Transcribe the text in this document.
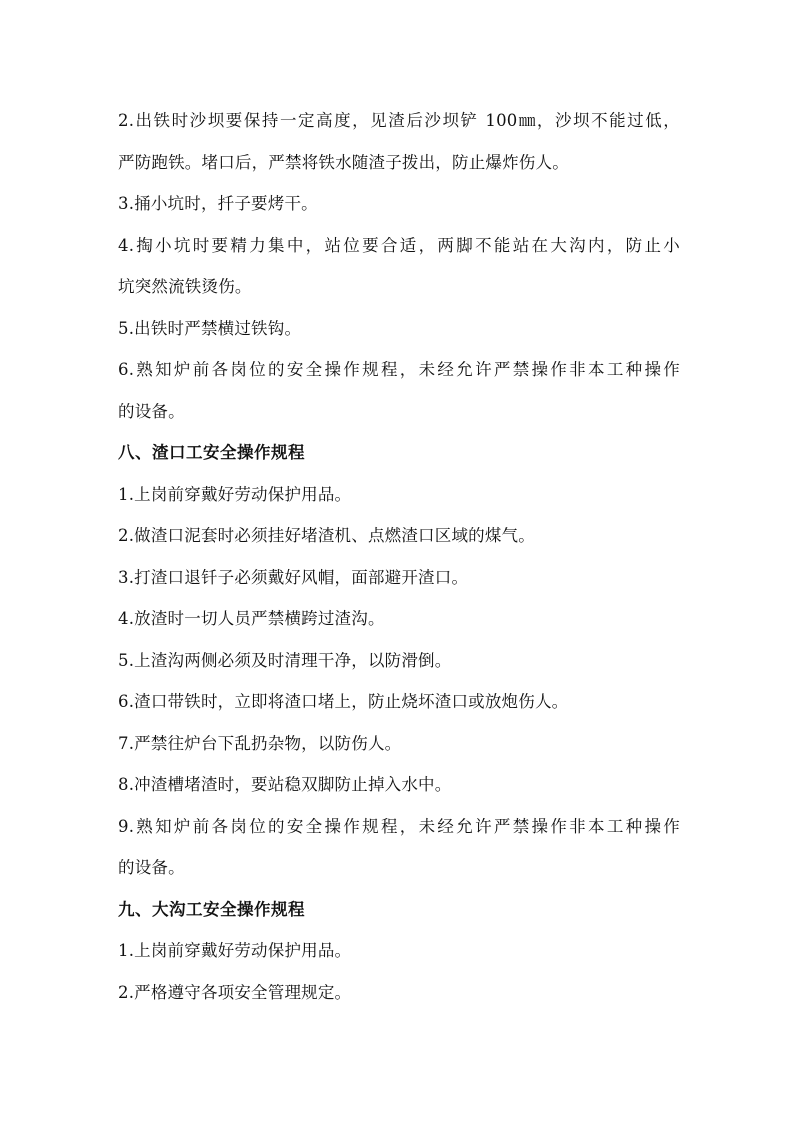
2.出铁时沙坝要保持一定高度，见渣后沙坝铲 100㎜，沙坝不能过低，
严防跑铁。堵口后，严禁将铁水随渣子拨出，防止爆炸伤人。
3.捅小坑时，扦子要烤干。
4.掏小坑时要精力集中，站位要合适，两脚不能站在大沟内，防止小
坑突然流铁烫伤。
5.出铁时严禁横过铁钩。
6.熟知炉前各岗位的安全操作规程，未经允许严禁操作非本工种操作
的设备。
八、渣口工安全操作规程
1.上岗前穿戴好劳动保护用品。
2.做渣口泥套时必须挂好堵渣机、点燃渣口区域的煤气。
3.打渣口退钎子必须戴好风帽，面部避开渣口。
4.放渣时一切人员严禁横跨过渣沟。
5.上渣沟两侧必须及时清理干净，以防滑倒。
6.渣口带铁时，立即将渣口堵上，防止烧坏渣口或放炮伤人。
7.严禁往炉台下乱扔杂物，以防伤人。
8.冲渣槽堵渣时，要站稳双脚防止掉入水中。
9.熟知炉前各岗位的安全操作规程，未经允许严禁操作非本工种操作
的设备。
九、大沟工安全操作规程
1.上岗前穿戴好劳动保护用品。
2.严格遵守各项安全管理规定。
